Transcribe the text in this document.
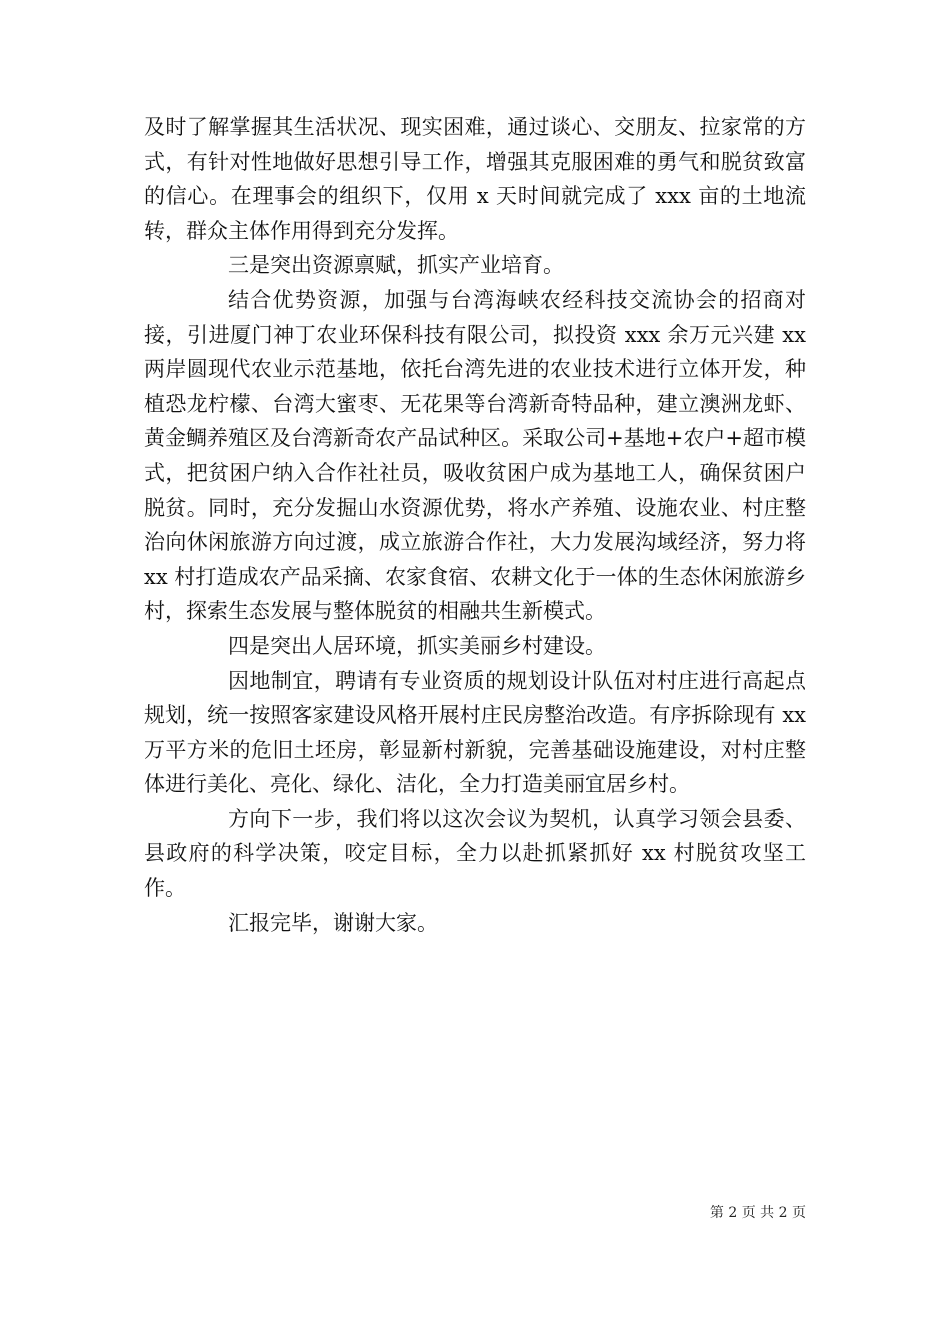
及时了解掌握其生活状况、现实困难，通过谈心、交朋友、拉家常的方式，有针对性地做好思想引导工作，增强其克服困难的勇气和脱贫致富的信心。在理事会的组织下，仅用 x 天时间就完成了 xxx 亩的土地流转，群众主体作用得到充分发挥。

三是突出资源禀赋，抓实产业培育。

结合优势资源，加强与台湾海峡农经科技交流协会的招商对接，引进厦门神丁农业环保科技有限公司，拟投资 xxx 余万元兴建 xx 两岸圆现代农业示范基地，依托台湾先进的农业技术进行立体开发，种植恐龙柠檬、台湾大蜜枣、无花果等台湾新奇特品种，建立澳洲龙虾、黄金鲷养殖区及台湾新奇农产品试种区。采取公司+基地+农户+超市模式，把贫困户纳入合作社社员，吸收贫困户成为基地工人，确保贫困户脱贫。同时，充分发掘山水资源优势，将水产养殖、设施农业、村庄整治向休闲旅游方向过渡，成立旅游合作社，大力发展沟域经济，努力将 xx 村打造成农产品采摘、农家食宿、农耕文化于一体的生态休闲旅游乡村，探索生态发展与整体脱贫的相融共生新模式。

四是突出人居环境，抓实美丽乡村建设。

因地制宜，聘请有专业资质的规划设计队伍对村庄进行高起点规划，统一按照客家建设风格开展村庄民房整治改造。有序拆除现有 xx 万平方米的危旧土坯房，彰显新村新貌，完善基础设施建设，对村庄整体进行美化、亮化、绿化、洁化，全力打造美丽宜居乡村。

方向下一步，我们将以这次会议为契机，认真学习领会县委、县政府的科学决策，咬定目标，全力以赴抓紧抓好 xx 村脱贫攻坚工作。

汇报完毕，谢谢大家。

第 2 页 共 2 页
